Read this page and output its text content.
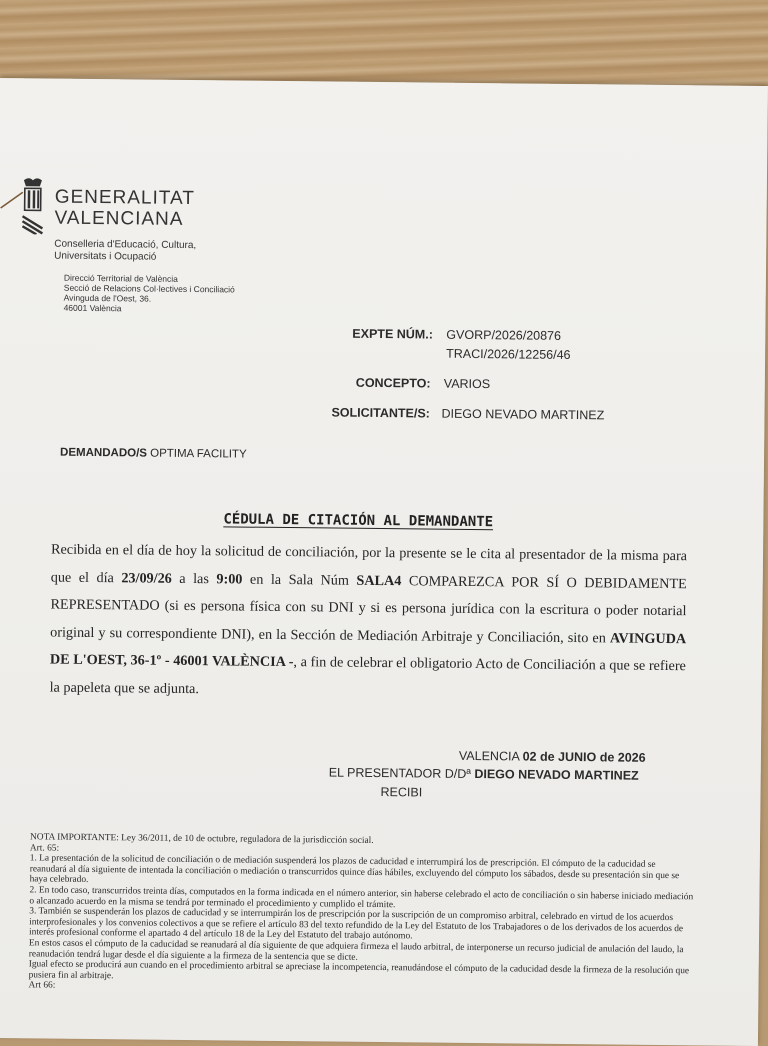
GENERALITAT
VALENCIANA
Conselleria d'Educació, Cultura,
Universitats i Ocupació
Direcció Territorial de València
Secció de Relacions Col·lectives i Conciliació
Avinguda de l'Oest, 36.
46001 València
EXPTE NÚM.: GVORP/2026/20876
TRACI/2026/12256/46
CONCEPTO: VARIOS
SOLICITANTE/S: DIEGO NEVADO MARTINEZ
DEMANDADO/S OPTIMA FACILITY
CÉDULA DE CITACIÓN AL DEMANDANTE
Recibida en el día de hoy la solicitud de conciliación, por la presente se le cita al presentador de la misma para que el día 23/09/26 a las 9:00 en la Sala Núm SALA4 COMPAREZCA POR SÍ O DEBIDAMENTE REPRESENTADO (si es persona física con su DNI y si es persona jurídica con la escritura o poder notarial original y su correspondiente DNI), en la Sección de Mediación Arbitraje y Conciliación, sito en AVINGUDA DE L'OEST, 36-1º - 46001 VALÈNCIA -, a fin de celebrar el obligatorio Acto de Conciliación a que se refiere la papeleta que se adjunta.
VALENCIA 02 de JUNIO de 2026
EL PRESENTADOR D/Dª DIEGO NEVADO MARTINEZ
RECIBI

NOTA IMPORTANTE: Ley 36/2011, de 10 de octubre, reguladora de la jurisdicción social.

Art. 65:

1. La presentación de la solicitud de conciliación o de mediación suspenderá los plazos de caducidad e interrumpirá los de prescripción. El cómputo de la caducidad se reanudará al día siguiente de intentada la conciliación o mediación o transcurridos quince días hábiles, excluyendo del cómputo los sábados, desde su presentación sin que se haya celebrado.

2. En todo caso, transcurridos treinta días, computados en la forma indicada en el número anterior, sin haberse celebrado el acto de conciliación o sin haberse iniciado mediación o alcanzado acuerdo en la misma se tendrá por terminado el procedimiento y cumplido el trámite.

3. También se suspenderán los plazos de caducidad y se interrumpirán los de prescripción por la suscripción de un compromiso arbitral, celebrado en virtud de los acuerdos interprofesionales y los convenios colectivos a que se refiere el artículo 83 del texto refundido de la Ley del Estatuto de los Trabajadores o de los derivados de los acuerdos de interés profesional conforme el apartado 4 del artículo 18 de la Ley del Estatuto del trabajo autónomo.

En estos casos el cómputo de la caducidad se reanudará al día siguiente de que adquiera firmeza el laudo arbitral, de interponerse un recurso judicial de anulación del laudo, la reanudación tendrá lugar desde el día siguiente a la firmeza de la sentencia que se dicte.

Igual efecto se producirá aun cuando en el procedimiento arbitral se apreciase la incompetencia, reanudándose el cómputo de la caducidad desde la firmeza de la resolución que pusiera fin al arbitraje.

Art 66:
